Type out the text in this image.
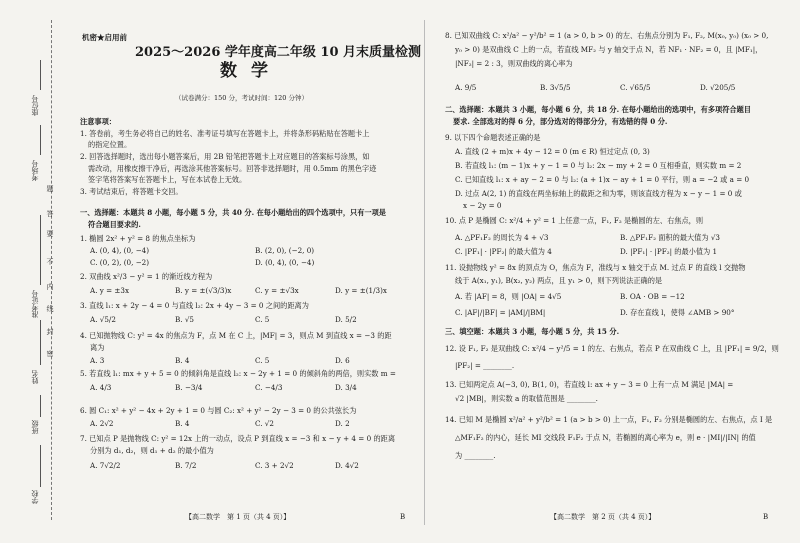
座位号
考场号
准考证号
姓名
班级
学校
题
答
要
不
内
线
封
密
机密★启用前
2025～2026 学年度高二年级 10 月末质量检测
数学
（试卷满分：150 分，考试时间：120 分钟）
注意事项：
1. 答卷前，考生务必将自己的姓名、准考证号填写在答题卡上，并将条形码粘贴在答题卡上
的指定位置。
2. 回答选择题时，选出每小题答案后，用 2B 铅笔把答题卡上对应题目的答案标号涂黑，如
需改动，用橡皮擦干净后，再选涂其他答案标号。回答非选择题时，用 0.5mm 的黑色字迹
签字笔将答案写在答题卡上，写在本试卷上无效。
3. 考试结束后，将答题卡交回。
一、选择题：本题共 8 小题，每小题 5 分，共 40 分. 在每小题给出的四个选项中，只有一项是
符合题目要求的.
1. 椭圆 2x² + y² = 8 的焦点坐标为
A. (0, 4), (0, −4)	B. (2, 0), (−2, 0)
C. (0, 2), (0, −2)	D. (0, 4), (0, −4)
2. 双曲线 x²/3 − y² = 1 的渐近线方程为
A. y = ±3x	B. y = ±(√3/3)x	C. y = ±√3x	D. y = ±(1/3)x
3. 直线 l₁: x + 2y − 4 = 0 与直线 l₂: 2x + 4y − 3 = 0 之间的距离为
A. √5/2	B. √5	C. 5	D. 5/2
4. 已知抛物线 C: y² = 4x 的焦点为 F，点 M 在 C 上，|MF| = 3，则点 M 到直线 x = −3 的距
离为
A. 3	B. 4	C. 5	D. 6
5. 若直线 l₁: mx + y + 5 = 0 的倾斜角是直线 l₂: x − 2y + 1 = 0 的倾斜角的两倍，则实数 m =
A. 4/3	B. −3/4	C. −4/3	D. 3/4
6. 圆 C₁: x² + y² − 4x + 2y + 1 = 0 与圆 C₂: x² + y² − 2y − 3 = 0 的公共弦长为
A. 2√2	B. 4	C. √2	D. 2
7. 已知点 P 是抛物线 C: y² = 12x 上的一动点，设点 P 到直线 x = −3 和 x − y + 4 = 0 的距离
分别为 d₁, d₂，则 d₁ + d₂ 的最小值为
A. 7√2/2	B. 7/2	C. 3 + 2√2	D. 4√2
【高二数学　第 1 页（共 4 页）】	B
8. 已知双曲线 C: x²/a² − y²/b² = 1 (a > 0, b > 0) 的左、右焦点分别为 F₁, F₂, M(x₀, y₀) (x₀ > 0,
y₀ > 0) 是双曲线 C 上的一点，若直线 MF₂ 与 y 轴交于点 N，若 NF₁ · NF₂ = 0，且 |MF₁|，
|NF₂| = 2 : 3，则双曲线的离心率为
A. 9/5	B. 3√5/5	C. √65/5	D. √205/5
二、选择题：本题共 3 小题，每小题 6 分，共 18 分. 在每小题给出的选项中，有多项符合题目
要求. 全部选对的得 6 分，部分选对的得部分分，有选错的得 0 分.
9. 以下四个命题表述正确的是
A. 直线 (2 + m)x + 4y − 12 = 0 (m ∈ R) 恒过定点 (0, 3)
B. 若直线 l₁: (m − 1)x + y − 1 = 0 与 l₂: 2x − my + 2 = 0 互相垂直，则实数 m = 2
C. 已知直线 l₁: x + ay − 2 = 0 与 l₂: (a + 1)x − ay + 1 = 0 平行，则 a = −2 或 a = 0
D. 过点 A(2, 1) 的直线在两坐标轴上的截距之和为零，则该直线方程为 x − y − 1 = 0 或
x − 2y = 0
10. 点 P 是椭圆 C: x²/4 + y² = 1 上任意一点，F₁, F₂ 是椭圆的左、右焦点，则
A. △PF₁F₂ 的周长为 4 + √3	B. △PF₁F₂ 面积的最大值为 √3
C. |PF₁| · |PF₂| 的最大值为 4	D. |PF₁| · |PF₂| 的最小值为 1
11. 设抛物线 y² = 8x 的顶点为 O，焦点为 F，准线与 x 轴交于点 M. 过点 F 的直线 l 交抛物
线于 A(x₁, y₁), B(x₂, y₂) 两点，且 y₁ > 0，则下列说法正确的是
A. 若 |AF| = 8，则 |OA| = 4√5	B. OA · OB = −12
C. |AF|/|BF| = |AM|/|BM|	D. 存在直线 l，使得 ∠AMB > 90°
三、填空题：本题共 3 小题，每小题 5 分，共 15 分.
12. 设 F₁, F₂ 是双曲线 C: x²/4 − y²/5 = 1 的左、右焦点，若点 P 在双曲线 C 上，且 |PF₁| = 9/2，则
|PF₂| = ________.
13. 已知两定点 A(−3, 0), B(1, 0)，若直线 l: ax + y − 3 = 0 上有一点 M 满足 |MA| =
√2 |MB|，则实数 a 的取值范围是 ________.
14. 已知 M 是椭圆 x²/a² + y²/b² = 1 (a > b > 0) 上一点，F₁, F₂ 分别是椭圆的左、右焦点，点 I 是
△MF₁F₂ 的内心，延长 MI 交线段 F₁F₂ 于点 N，若椭圆的离心率为 e，则 e · |MI|/|IN| 的值
为 ________.
【高二数学　第 2 页（共 4 页）】	B
